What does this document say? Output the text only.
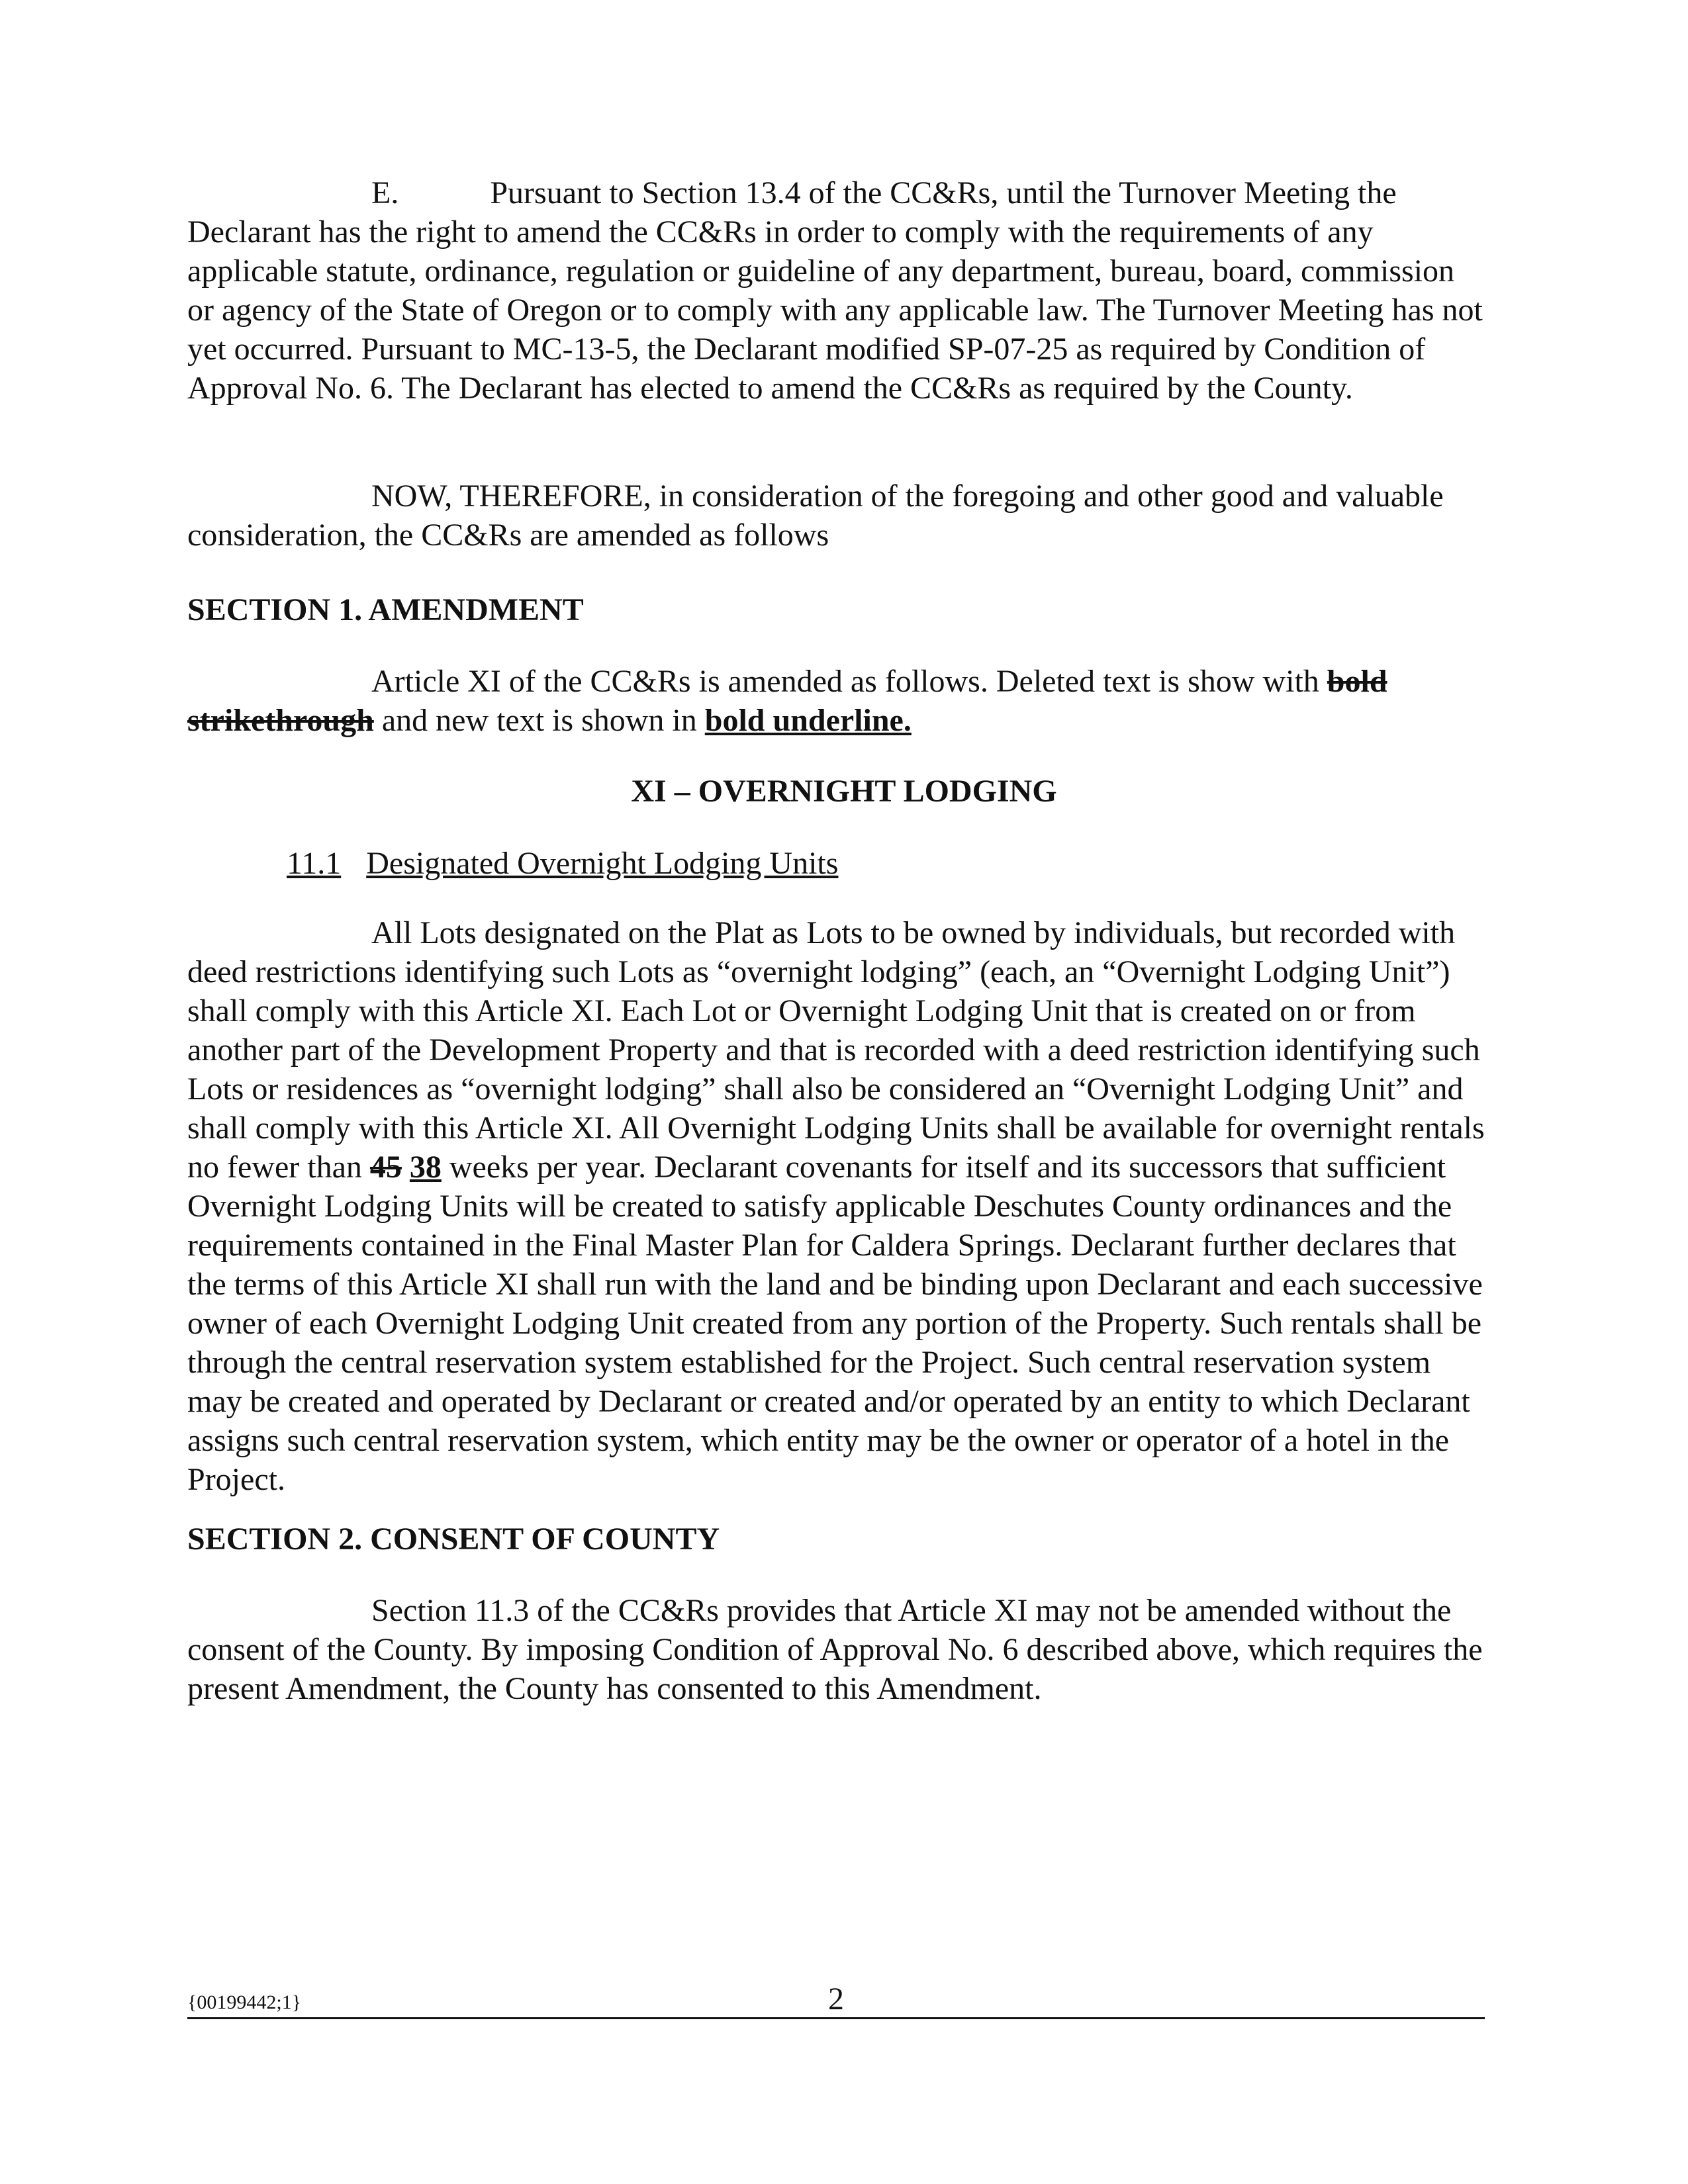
E.	Pursuant to Section 13.4 of the CC&Rs, until the Turnover Meeting the Declarant has the right to amend the CC&Rs in order to comply with the requirements of any applicable statute, ordinance, regulation or guideline of any department, bureau, board, commission or agency of the State of Oregon or to comply with any applicable law. The Turnover Meeting has not yet occurred. Pursuant to MC-13-5, the Declarant modified SP-07-25 as required by Condition of Approval No. 6. The Declarant has elected to amend the CC&Rs as required by the County.

NOW, THEREFORE, in consideration of the foregoing and other good and valuable consideration, the CC&Rs are amended as follows

SECTION 1. AMENDMENT

Article XI of the CC&Rs is amended as follows. Deleted text is show with bold strikethrough and new text is shown in bold underline.

XI – OVERNIGHT LODGING

11.1 Designated Overnight Lodging Units

All Lots designated on the Plat as Lots to be owned by individuals, but recorded with deed restrictions identifying such Lots as “overnight lodging” (each, an “Overnight Lodging Unit”) shall comply with this Article XI. Each Lot or Overnight Lodging Unit that is created on or from another part of the Development Property and that is recorded with a deed restriction identifying such Lots or residences as “overnight lodging” shall also be considered an “Overnight Lodging Unit” and shall comply with this Article XI. All Overnight Lodging Units shall be available for overnight rentals no fewer than 45 38 weeks per year. Declarant covenants for itself and its successors that sufficient Overnight Lodging Units will be created to satisfy applicable Deschutes County ordinances and the requirements contained in the Final Master Plan for Caldera Springs. Declarant further declares that the terms of this Article XI shall run with the land and be binding upon Declarant and each successive owner of each Overnight Lodging Unit created from any portion of the Property. Such rentals shall be through the central reservation system established for the Project. Such central reservation system may be created and operated by Declarant or created and/or operated by an entity to which Declarant assigns such central reservation system, which entity may be the owner or operator of a hotel in the Project.

SECTION 2. CONSENT OF COUNTY

Section 11.3 of the CC&Rs provides that Article XI may not be amended without the consent of the County. By imposing Condition of Approval No. 6 described above, which requires the present Amendment, the County has consented to this Amendment.

{00199442;1}	2
